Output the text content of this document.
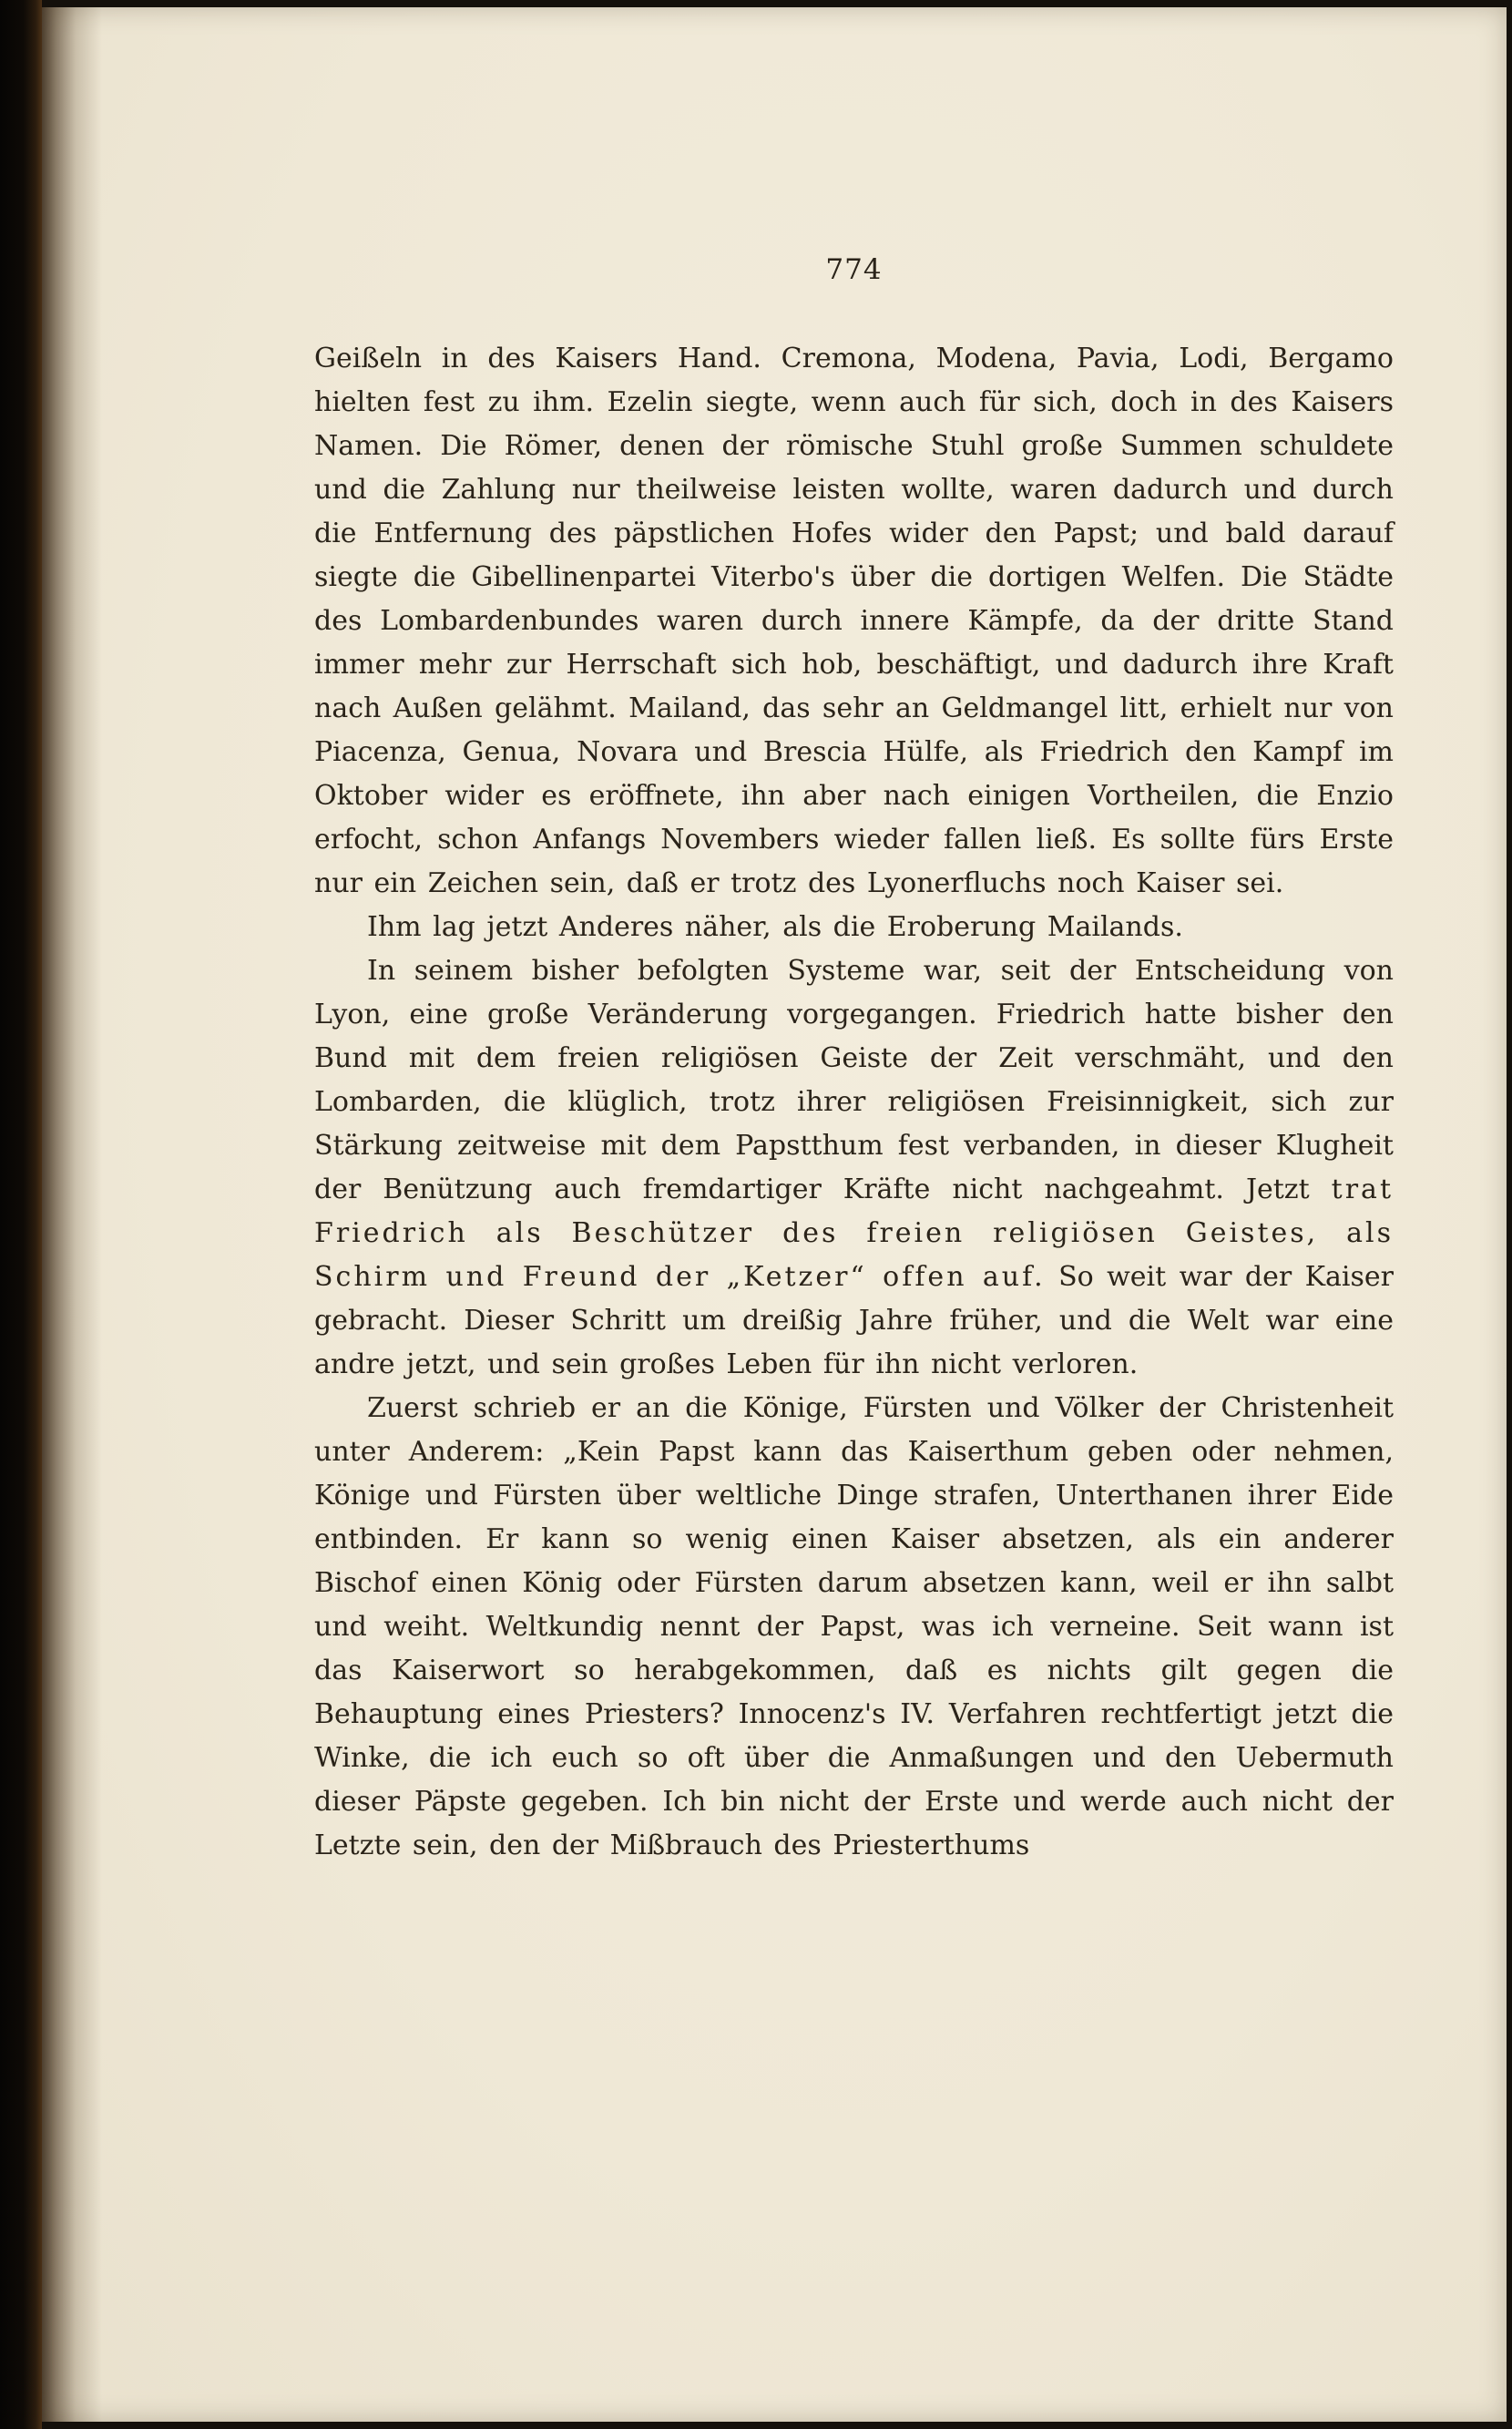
774

Geißeln in des Kaisers Hand. Cremona, Modena, Pavia, Lodi, Bergamo hielten fest zu ihm. Ezelin siegte, wenn auch für sich, doch in des Kaisers Namen. Die Römer, denen der römische Stuhl große Summen schuldete und die Zahlung nur theilweise leisten wollte, waren dadurch und durch die Entfernung des päpstlichen Hofes wider den Papst; und bald darauf siegte die Gibellinenpartei Viterbo's über die dortigen Welfen. Die Städte des Lombardenbundes waren durch innere Kämpfe, da der dritte Stand immer mehr zur Herrschaft sich hob, beschäftigt, und dadurch ihre Kraft nach Außen gelähmt. Mailand, das sehr an Geldmangel litt, erhielt nur von Piacenza, Genua, Novara und Brescia Hülfe, als Friedrich den Kampf im Oktober wider es eröffnete, ihn aber nach einigen Vortheilen, die Enzio erfocht, schon Anfangs Novembers wieder fallen ließ. Es sollte fürs Erste nur ein Zeichen sein, daß er trotz des Lyonerfluchs noch Kaiser sei.

Ihm lag jetzt Anderes näher, als die Eroberung Mailands.

In seinem bisher befolgten Systeme war, seit der Entscheidung von Lyon, eine große Veränderung vorgegangen. Friedrich hatte bisher den Bund mit dem freien religiösen Geiste der Zeit verschmäht, und den Lombarden, die klüglich, trotz ihrer religiösen Freisinnigkeit, sich zur Stärkung zeitweise mit dem Papstthum fest verbanden, in dieser Klugheit der Benützung auch fremdartiger Kräfte nicht nachgeahmt. Jetzt trat Friedrich als Beschützer des freien religiösen Geistes, als Schirm und Freund der „Ketzer“ offen auf. So weit war der Kaiser gebracht. Dieser Schritt um dreißig Jahre früher, und die Welt war eine andre jetzt, und sein großes Leben für ihn nicht verloren.

Zuerst schrieb er an die Könige, Fürsten und Völker der Christenheit unter Anderem: „Kein Papst kann das Kaiserthum geben oder nehmen, Könige und Fürsten über weltliche Dinge strafen, Unterthanen ihrer Eide entbinden. Er kann so wenig einen Kaiser absetzen, als ein anderer Bischof einen König oder Fürsten darum absetzen kann, weil er ihn salbt und weiht. Weltkundig nennt der Papst, was ich verneine. Seit wann ist das Kaiserwort so herabgekommen, daß es nichts gilt gegen die Behauptung eines Priesters? Innocenz's IV. Verfahren rechtfertigt jetzt die Winke, die ich euch so oft über die Anmaßungen und den Uebermuth dieser Päpste gegeben. Ich bin nicht der Erste und werde auch nicht der Letzte sein, den der Mißbrauch des Priesterthums
